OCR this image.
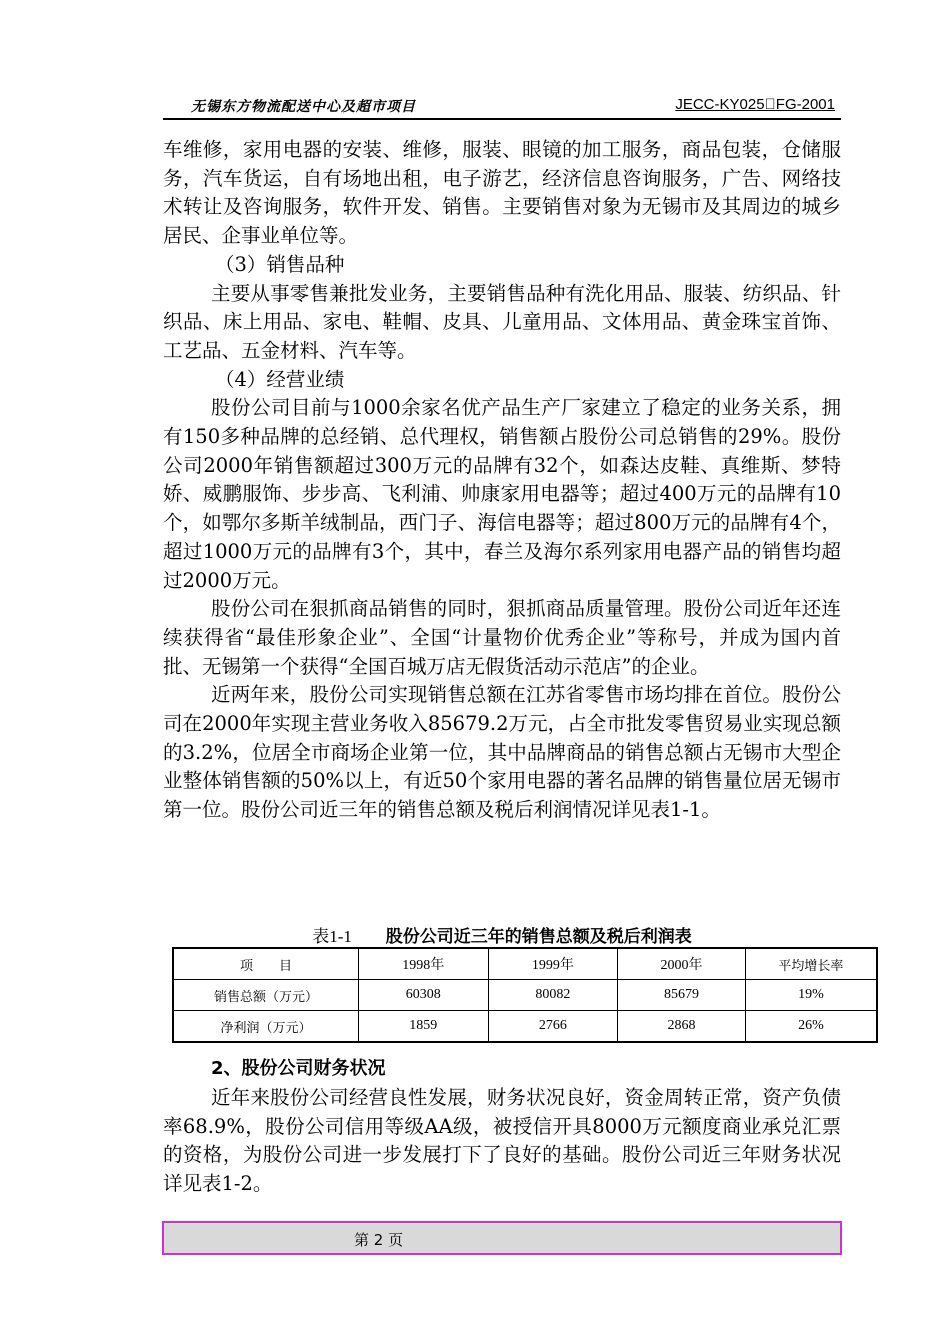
无锡东方物流配送中心及超市项目	JECC-KY025 FG-2001

车维修，家用电器的安装、维修，服装、眼镜的加工服务，商品包装，仓储服务，汽车货运，自有场地出租，电子游艺，经济信息咨询服务，广告、网络技术转让及咨询服务，软件开发、销售。主要销售对象为无锡市及其周边的城乡居民、企事业单位等。

（3）销售品种

主要从事零售兼批发业务，主要销售品种有洗化用品、服装、纺织品、针织品、床上用品、家电、鞋帽、皮具、儿童用品、文体用品、黄金珠宝首饰、工艺品、五金材料、汽车等。

（4）经营业绩

股份公司目前与1000余家名优产品生产厂家建立了稳定的业务关系，拥有150多种品牌的总经销、总代理权，销售额占股份公司总销售的29%。股份公司2000年销售额超过300万元的品牌有32个，如森达皮鞋、真维斯、梦特娇、威鹏服饰、步步高、飞利浦、帅康家用电器等；超过400万元的品牌有10个，如鄂尔多斯羊绒制品，西门子、海信电器等；超过800万元的品牌有4个，超过1000万元的品牌有3个，其中，春兰及海尔系列家用电器产品的销售均超过2000万元。

股份公司在狠抓商品销售的同时，狠抓商品质量管理。股份公司近年还连续获得省“最佳形象企业”、全国“计量物价优秀企业”等称号，并成为国内首批、无锡第一个获得“全国百城万店无假货活动示范店”的企业。

近两年来，股份公司实现销售总额在江苏省零售市场均排在首位。股份公司在2000年实现主营业务收入85679.2万元，占全市批发零售贸易业实现总额的3.2%，位居全市商场企业第一位，其中品牌商品的销售总额占无锡市大型企业整体销售额的50%以上，有近50个家用电器的著名品牌的销售量位居无锡市第一位。股份公司近三年的销售总额及税后利润情况详见表1-1。

表1-1 股份公司近三年的销售总额及税后利润表
项　　目	1998年	1999年	2000年	平均增长率
销售总额（万元）	60308	80082	85679	19%
净利润（万元）	1859	2766	2868	26%
2、股份公司财务状况

近年来股份公司经营良性发展，财务状况良好，资金周转正常，资产负债率68.9%，股份公司信用等级AA级，被授信开具8000万元额度商业承兑汇票的资格，为股份公司进一步发展打下了良好的基础。股份公司近三年财务状况详见表1-2。

第 2 页
